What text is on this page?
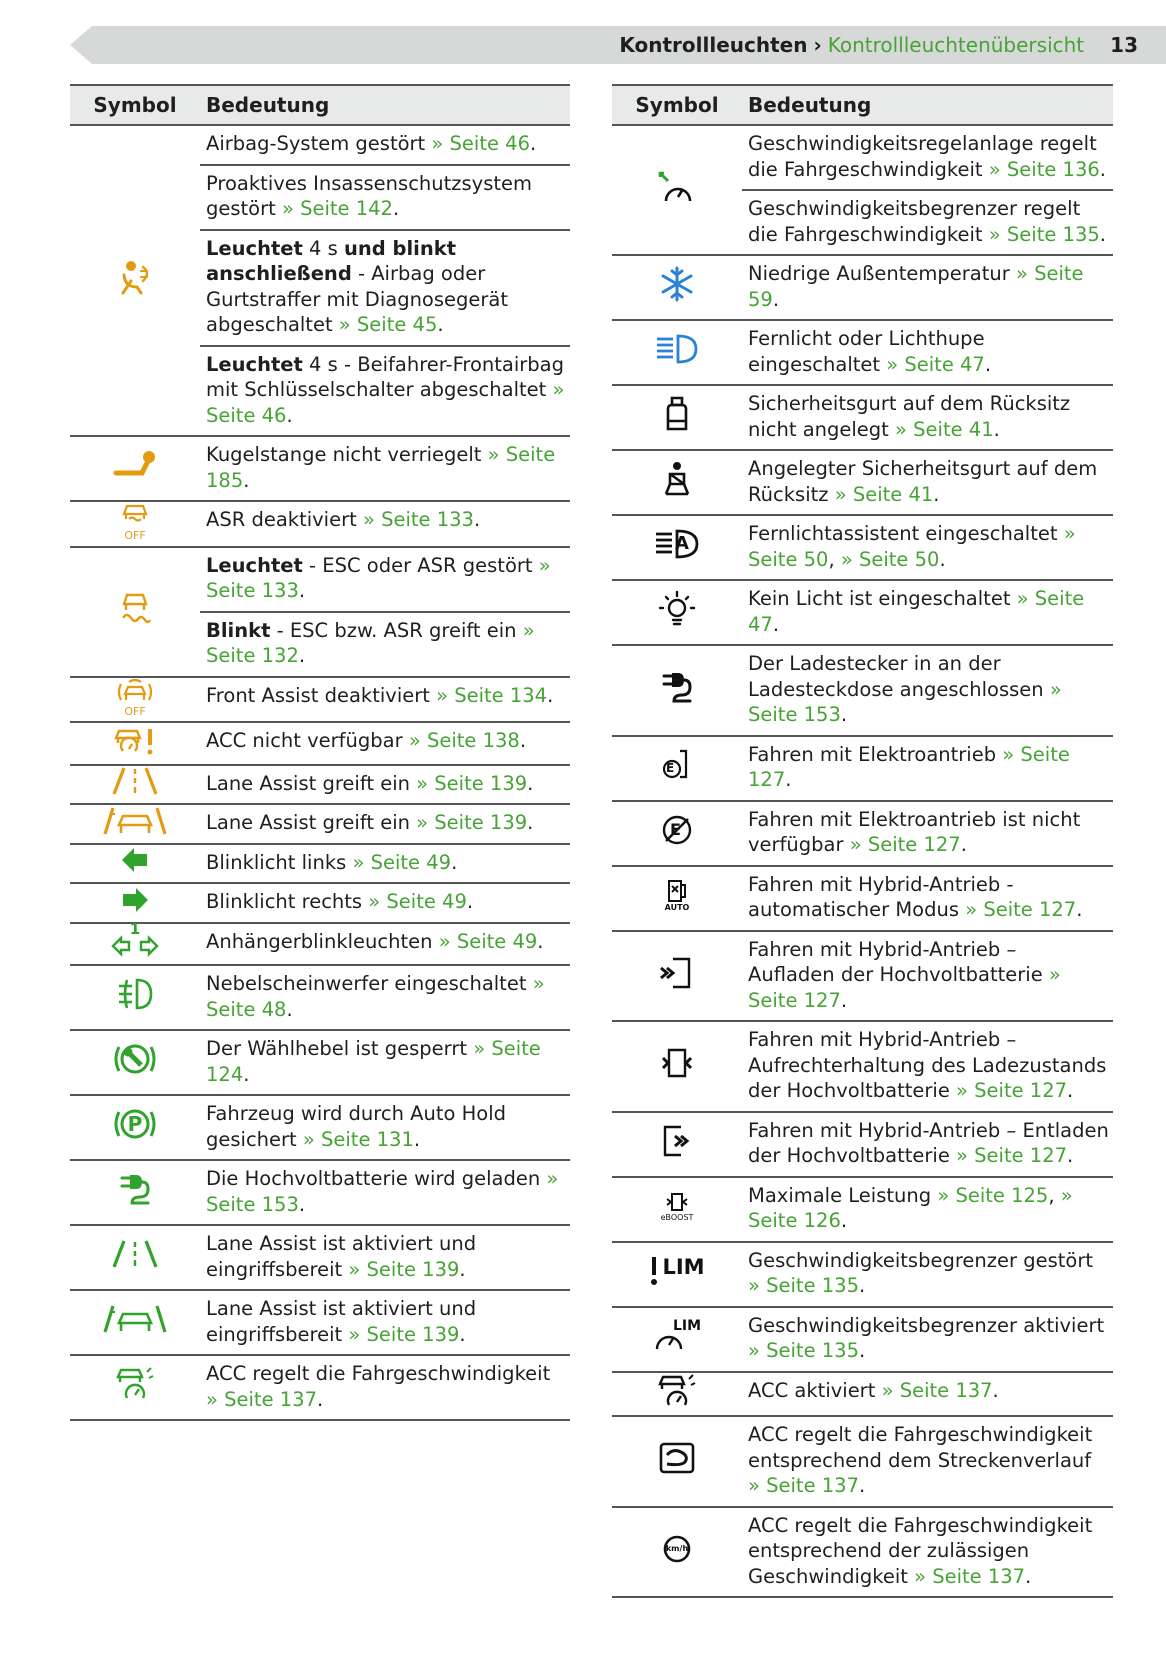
Kontrollleuchten › Kontrollleuchtenübersicht 13
Symbol	Bedeutung

	Airbag-System gestört » Seite 46.
	Proaktives Insassenschutzsystem gestört » Seite 142.
	Leuchtet 4 s und blinkt anschließend - Airbag oder Gurtstraffer mit Diagnosegerät abgeschaltet » Seite 45.
	Leuchtet 4 s - Beifahrer-Frontairbag mit Schlüsselschalter abgeschaltet » Seite 46.

	Kugelstange nicht verriegelt » Seite 185.

OFF	ASR deaktiviert » Seite 133.

	Leuchtet - ESC oder ASR gestört » Seite 133.
	Blinkt - ESC bzw. ASR greift ein » Seite 132.

OFF	Front Assist deaktiviert » Seite 134.

	ACC nicht verfügbar » Seite 138.

	Lane Assist greift ein » Seite 139.

	Lane Assist greift ein » Seite 139.

	Blinklicht links » Seite 49.

	Blinklicht rechts » Seite 49.

1	Anhängerblinkleuchten » Seite 49.

	Nebelscheinwerfer eingeschaltet » Seite 48.

	Der Wählhebel ist gesperrt » Seite 124.

P	Fahrzeug wird durch Auto Hold gesichert » Seite 131.

	Die Hochvoltbatterie wird geladen » Seite 153.

	Lane Assist ist aktiviert und eingriffsbereit » Seite 139.

	Lane Assist ist aktiviert und eingriffsbereit » Seite 139.

	ACC regelt die Fahrgeschwindigkeit » Seite 137.
Symbol	Bedeutung

	Geschwindigkeitsregelanlage regelt die Fahrgeschwindigkeit » Seite 136.
	Geschwindigkeitsbegrenzer regelt die Fahrgeschwindigkeit » Seite 135.

	Niedrige Außentemperatur » Seite 59.

	Fernlicht oder Lichthupe eingeschaltet » Seite 47.

	Sicherheitsgurt auf dem Rücksitz nicht angelegt » Seite 41.

	Angelegter Sicherheitsgurt auf dem Rücksitz » Seite 41.

A	Fernlichtassistent eingeschaltet » Seite 50, » Seite 50.

	Kein Licht ist eingeschaltet » Seite 47.

	Der Ladestecker in an der Ladesteckdose angeschlossen » Seite 153.

E	Fahren mit Elektroantrieb » Seite 127.

E	Fahren mit Elektroantrieb ist nicht verfügbar » Seite 127.

AUTO	Fahren mit Hybrid-Antrieb - automatischer Modus » Seite 127.

	Fahren mit Hybrid-Antrieb – Aufladen der Hochvoltbatterie » Seite 127.

	Fahren mit Hybrid-Antrieb – Aufrechterhaltung des Ladezustands der Hochvoltbatterie » Seite 127.

	Fahren mit Hybrid-Antrieb – Entladen der Hochvoltbatterie » Seite 127.

eBOOST	Maximale Leistung » Seite 125, » Seite 126.

LIM	Geschwindigkeitsbegrenzer gestört » Seite 135.

LIM	Geschwindigkeitsbegrenzer aktiviert » Seite 135.

	ACC aktiviert » Seite 137.

	ACC regelt die Fahrgeschwindigkeit entsprechend dem Streckenverlauf » Seite 137.

km/h	ACC regelt die Fahrgeschwindigkeit entsprechend der zulässigen Geschwindigkeit » Seite 137.
